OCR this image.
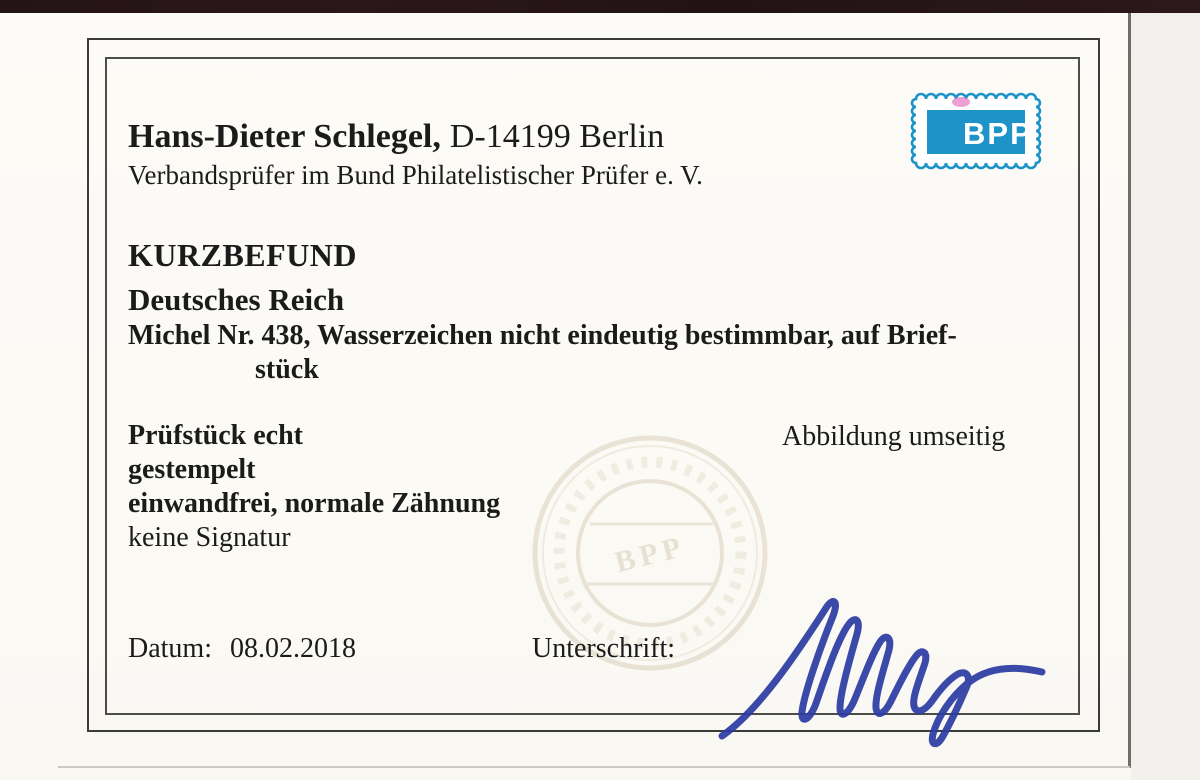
BPP
Hans-Dieter Schlegel, D-14199 Berlin
Verbandsprüfer im Bund Philatelistischer Prüfer e. V.
BPP
KURZBEFUND
Deutsches Reich
Michel Nr. 438, Wasserzeichen nicht eindeutig bestimmbar, auf Brief-
stück
Prüfstück echt
gestempelt
einwandfrei, normale Zähnung
keine Signatur
Abbildung umseitig
Datum: 08.02.2018	Unterschrift:
